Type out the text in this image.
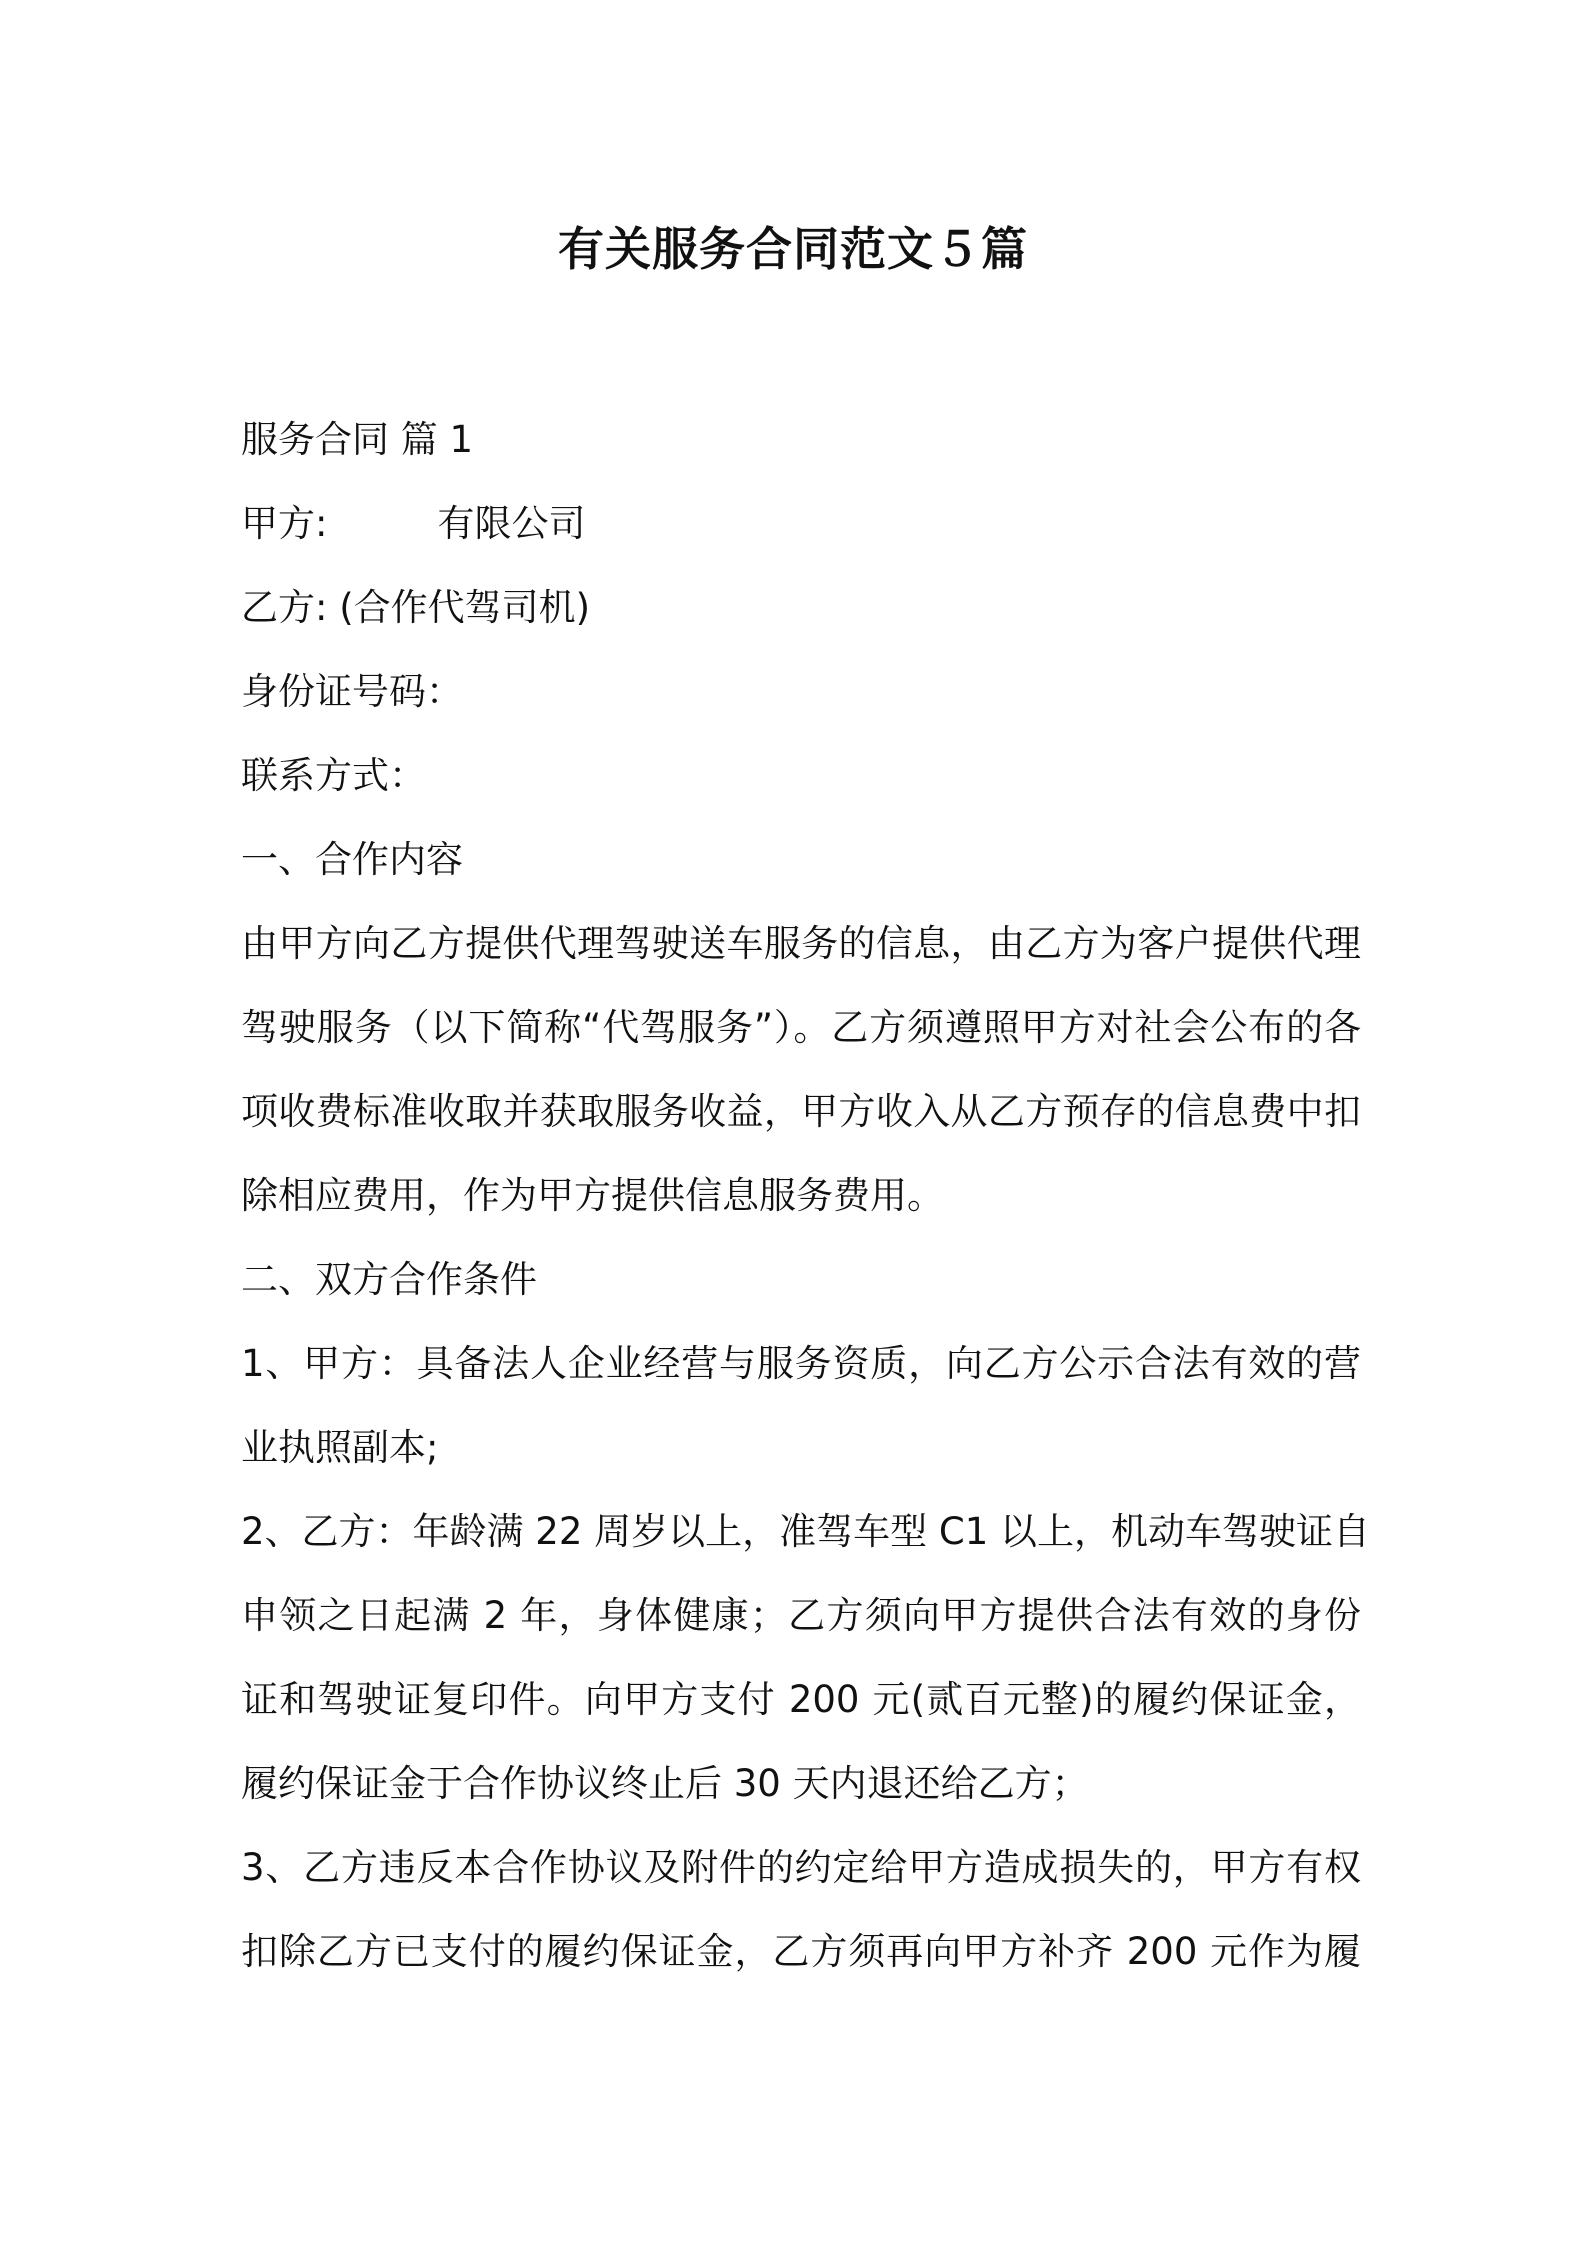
有关服务合同范文５篇
服务合同 篇 1
甲方:	有限公司
乙方: (合作代驾司机)
身份证号码：
联系方式：
一、合作内容
由甲方向乙方提供代理驾驶送车服务的信息，由乙方为客户提供代理
驾驶服务（以下简称“代驾服务”）。乙方须遵照甲方对社会公布的各
项收费标准收取并获取服务收益，甲方收入从乙方预存的信息费中扣
除相应费用，作为甲方提供信息服务费用。
二、双方合作条件
1、甲方：具备法人企业经营与服务资质，向乙方公示合法有效的营
业执照副本;
2、乙方：年龄满 22 周岁以上，准驾车型 C1 以上，机动车驾驶证自
申领之日起满 2 年，身体健康；乙方须向甲方提供合法有效的身份
证和驾驶证复印件。向甲方支付 200 元(贰百元整)的履约保证金，
履约保证金于合作协议终止后 30 天内退还给乙方；
3、乙方违反本合作协议及附件的约定给甲方造成损失的，甲方有权
扣除乙方已支付的履约保证金，乙方须再向甲方补齐 200 元作为履
